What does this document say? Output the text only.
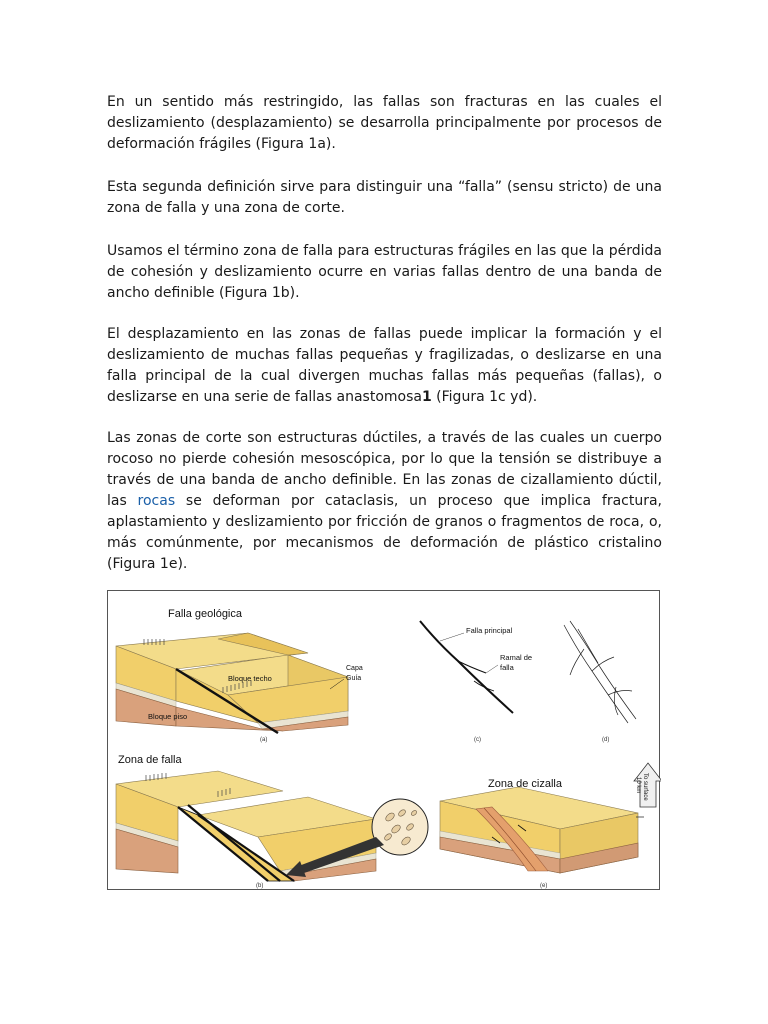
En un sentido más restringido, las fallas son fracturas en las cuales el deslizamiento (desplazamiento) se desarrolla principalmente por procesos de deformación frágiles (Figura 1a).

Esta segunda definición sirve para distinguir una “falla” (sensu stricto) de una zona de falla y una zona de corte.

Usamos el término zona de falla para estructuras frágiles en las que la pérdida de cohesión y deslizamiento ocurre en varias fallas dentro de una banda de ancho definible (Figura 1b).

El desplazamiento en las zonas de fallas puede implicar la formación y el deslizamiento de muchas fallas pequeñas y fragilizadas, o deslizarse en una falla principal de la cual divergen muchas fallas más pequeñas (fallas), o deslizarse en una serie de fallas anastomosa1 (Figura 1c yd).

Las zonas de corte son estructuras dúctiles, a través de las cuales un cuerpo rocoso no pierde cohesión mesoscópica, por lo que la tensión se distribuye a través de una banda de ancho definible. En las zonas de cizallamiento dúctil, las rocas se deforman por cataclasis, un proceso que implica fractura, aplastamiento y deslizamiento por fricción de granos o fragmentos de roca, o, más comúnmente, por mecanismos de deformación de plástico cristalino (Figura 1e).

Falla geológica
Capa
Guía
Bloque techo
Bloque piso
(a)
Falla principal
Ramal de
falla
(c)	(d)
Zona de falla
(b)
To surface
10 km
Zona de cizalla
(e)
